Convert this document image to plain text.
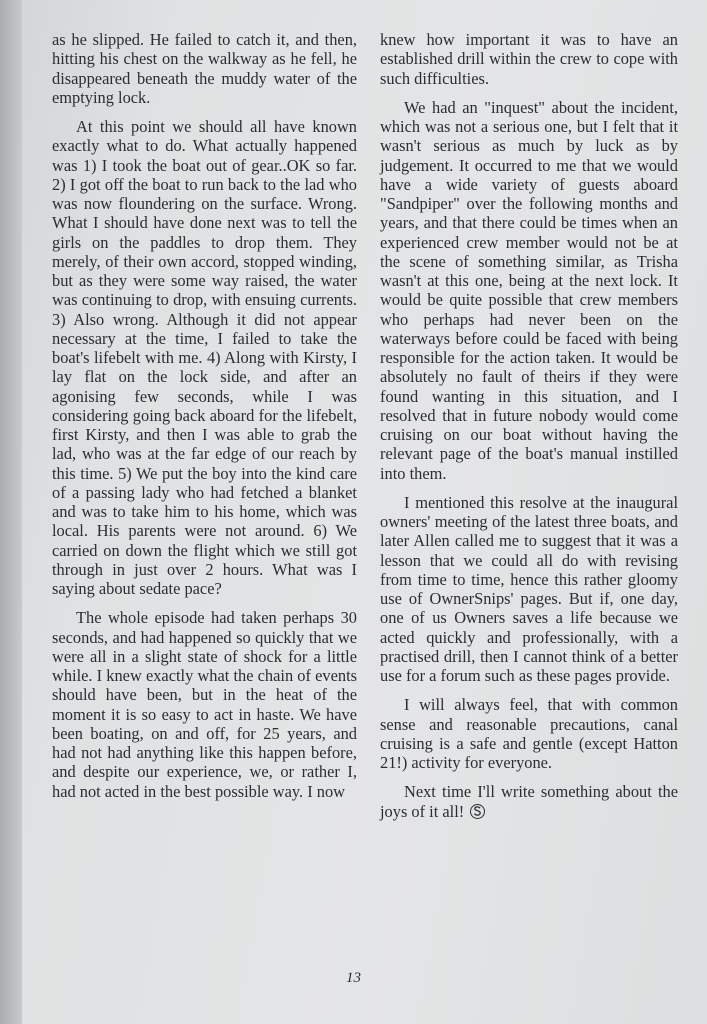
as he slipped. He failed to catch it, and then, hitting his chest on the walkway as he fell, he disappeared beneath the muddy water of the emptying lock.

At this point we should all have known exactly what to do. What actually happened was 1) I took the boat out of gear..OK so far. 2) I got off the boat to run back to the lad who was now floundering on the surface. Wrong. What I should have done next was to tell the girls on the paddles to drop them. They merely, of their own accord, stopped winding, but as they were some way raised, the water was continuing to drop, with ensuing currents. 3) Also wrong. Although it did not appear necessary at the time, I failed to take the boat's lifebelt with me. 4) Along with Kirsty, I lay flat on the lock side, and after an agonising few seconds, while I was considering going back aboard for the lifebelt, first Kirsty, and then I was able to grab the lad, who was at the far edge of our reach by this time. 5) We put the boy into the kind care of a passing lady who had fetched a blanket and was to take him to his home, which was local. His parents were not around. 6) We carried on down the flight which we still got through in just over 2 hours. What was I saying about sedate pace?

The whole episode had taken perhaps 30 seconds, and had happened so quickly that we were all in a slight state of shock for a little while. I knew exactly what the chain of events should have been, but in the heat of the moment it is so easy to act in haste. We have been boating, on and off, for 25 years, and had not had anything like this happen before, and despite our experience, we, or rather I, had not acted in the best possible way. I now

knew how important it was to have an established drill within the crew to cope with such difficulties.

We had an "inquest" about the incident, which was not a serious one, but I felt that it wasn't serious as much by luck as by judgement. It occurred to me that we would have a wide variety of guests aboard "Sandpiper" over the following months and years, and that there could be times when an experienced crew member would not be at the scene of something similar, as Trisha wasn't at this one, being at the next lock. It would be quite possible that crew members who perhaps had never been on the waterways before could be faced with being responsible for the action taken. It would be absolutely no fault of theirs if they were found wanting in this situation, and I resolved that in future nobody would come cruising on our boat without having the relevant page of the boat's manual instilled into them.

I mentioned this resolve at the inaugural owners' meeting of the latest three boats, and later Allen called me to suggest that it was a lesson that we could all do with revising from time to time, hence this rather gloomy use of OwnerSnips' pages. But if, one day, one of us Owners saves a life because we acted quickly and professionally, with a practised drill, then I cannot think of a better use for a forum such as these pages provide.

I will always feel, that with common sense and reasonable precautions, canal cruising is a safe and gentle (except Hatton 21!) activity for everyone.

Next time I'll write something about the joys of it all!

13
